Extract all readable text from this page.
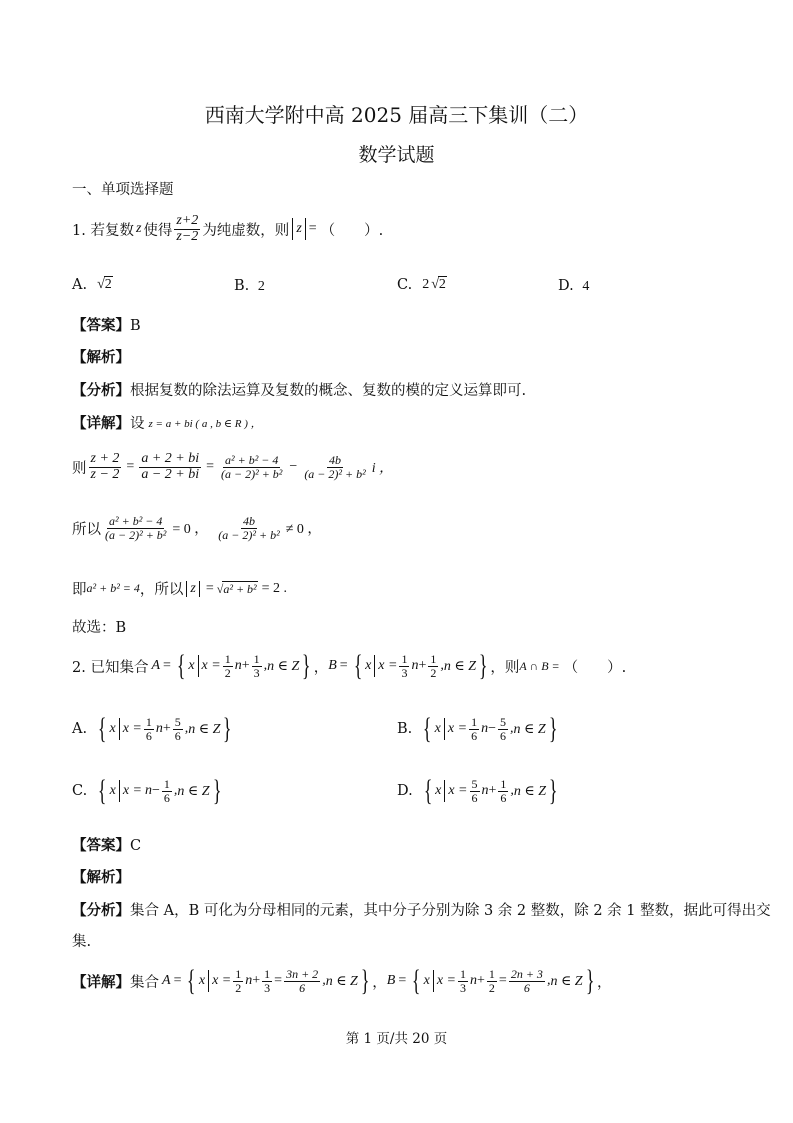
西南大学附中高 2025 届高三下集训（二）
数学试题
一、单项选择题
1. 若复数 z 使得 $\frac{z+2}{z-2}$ 为纯虚数，则 z = （　　）.
A. √ 2	B. 2	C. 2 √ 2	D. 4
【答案】B
【解析】
【分析】根据复数的除法运算及复数的概念、复数的模的定义运算即可.
【详解】 设 z = a + bi ( a , b ∈ R ) ，
则 $\frac{z + 2}{z - 2} = \frac{a + 2 + bi}{a - 2 + bi} = \frac{\text{a² + b² − 4}}{\text{(a − 2)² + b²}} - \frac{4b}{\text{(a − 2)² + b²}}$ i ，
所以 $\frac{\text{a² + b² − 4}}{\text{(a − 2)² + b²}} = 0$ ， $\frac{4b}{\text{(a − 2)² + b²}} \ne 0$ ，
即 a² + b² = 4 ，所以 z = √ a² + b² = 2 .
故选：B
2. 已知集合 A = { x $x = \frac{1}{2}$ $n + \frac{1}{3}$ , n ∈ Z } ， B = { x $x = \frac{1}{3}$ $n + \frac{1}{2}$ , n ∈ Z } ，则 A ∩ B = （　　）.
A. { x $x = \frac{1}{6}$ $n + \frac{5}{6}$ , n ∈ Z }	B. { x $x = \frac{1}{6}$ $n - \frac{5}{6}$ , n ∈ Z }
C. { x $x = n - \frac{1}{6}$ , n ∈ Z }	D. { x $x = \frac{5}{6}$ $n + \frac{1}{6}$ , n ∈ Z }
【答案】C
【解析】
【分析】集合 A，B 可化为分母相同的元素，其中分子分别为除 3 余 2 整数，除 2 余 1 整数，据此可得出交
集.
【详解】 集合 A = { x $x = \frac{1}{2}$ $n + \frac{1}{3} = \frac{3n + 2}{6}$ , n ∈ Z } ， B = { x $x = \frac{1}{3}$ $n + \frac{1}{2} = \frac{2n + 3}{6}$ , n ∈ Z } ，
第 1 页/共 20 页
